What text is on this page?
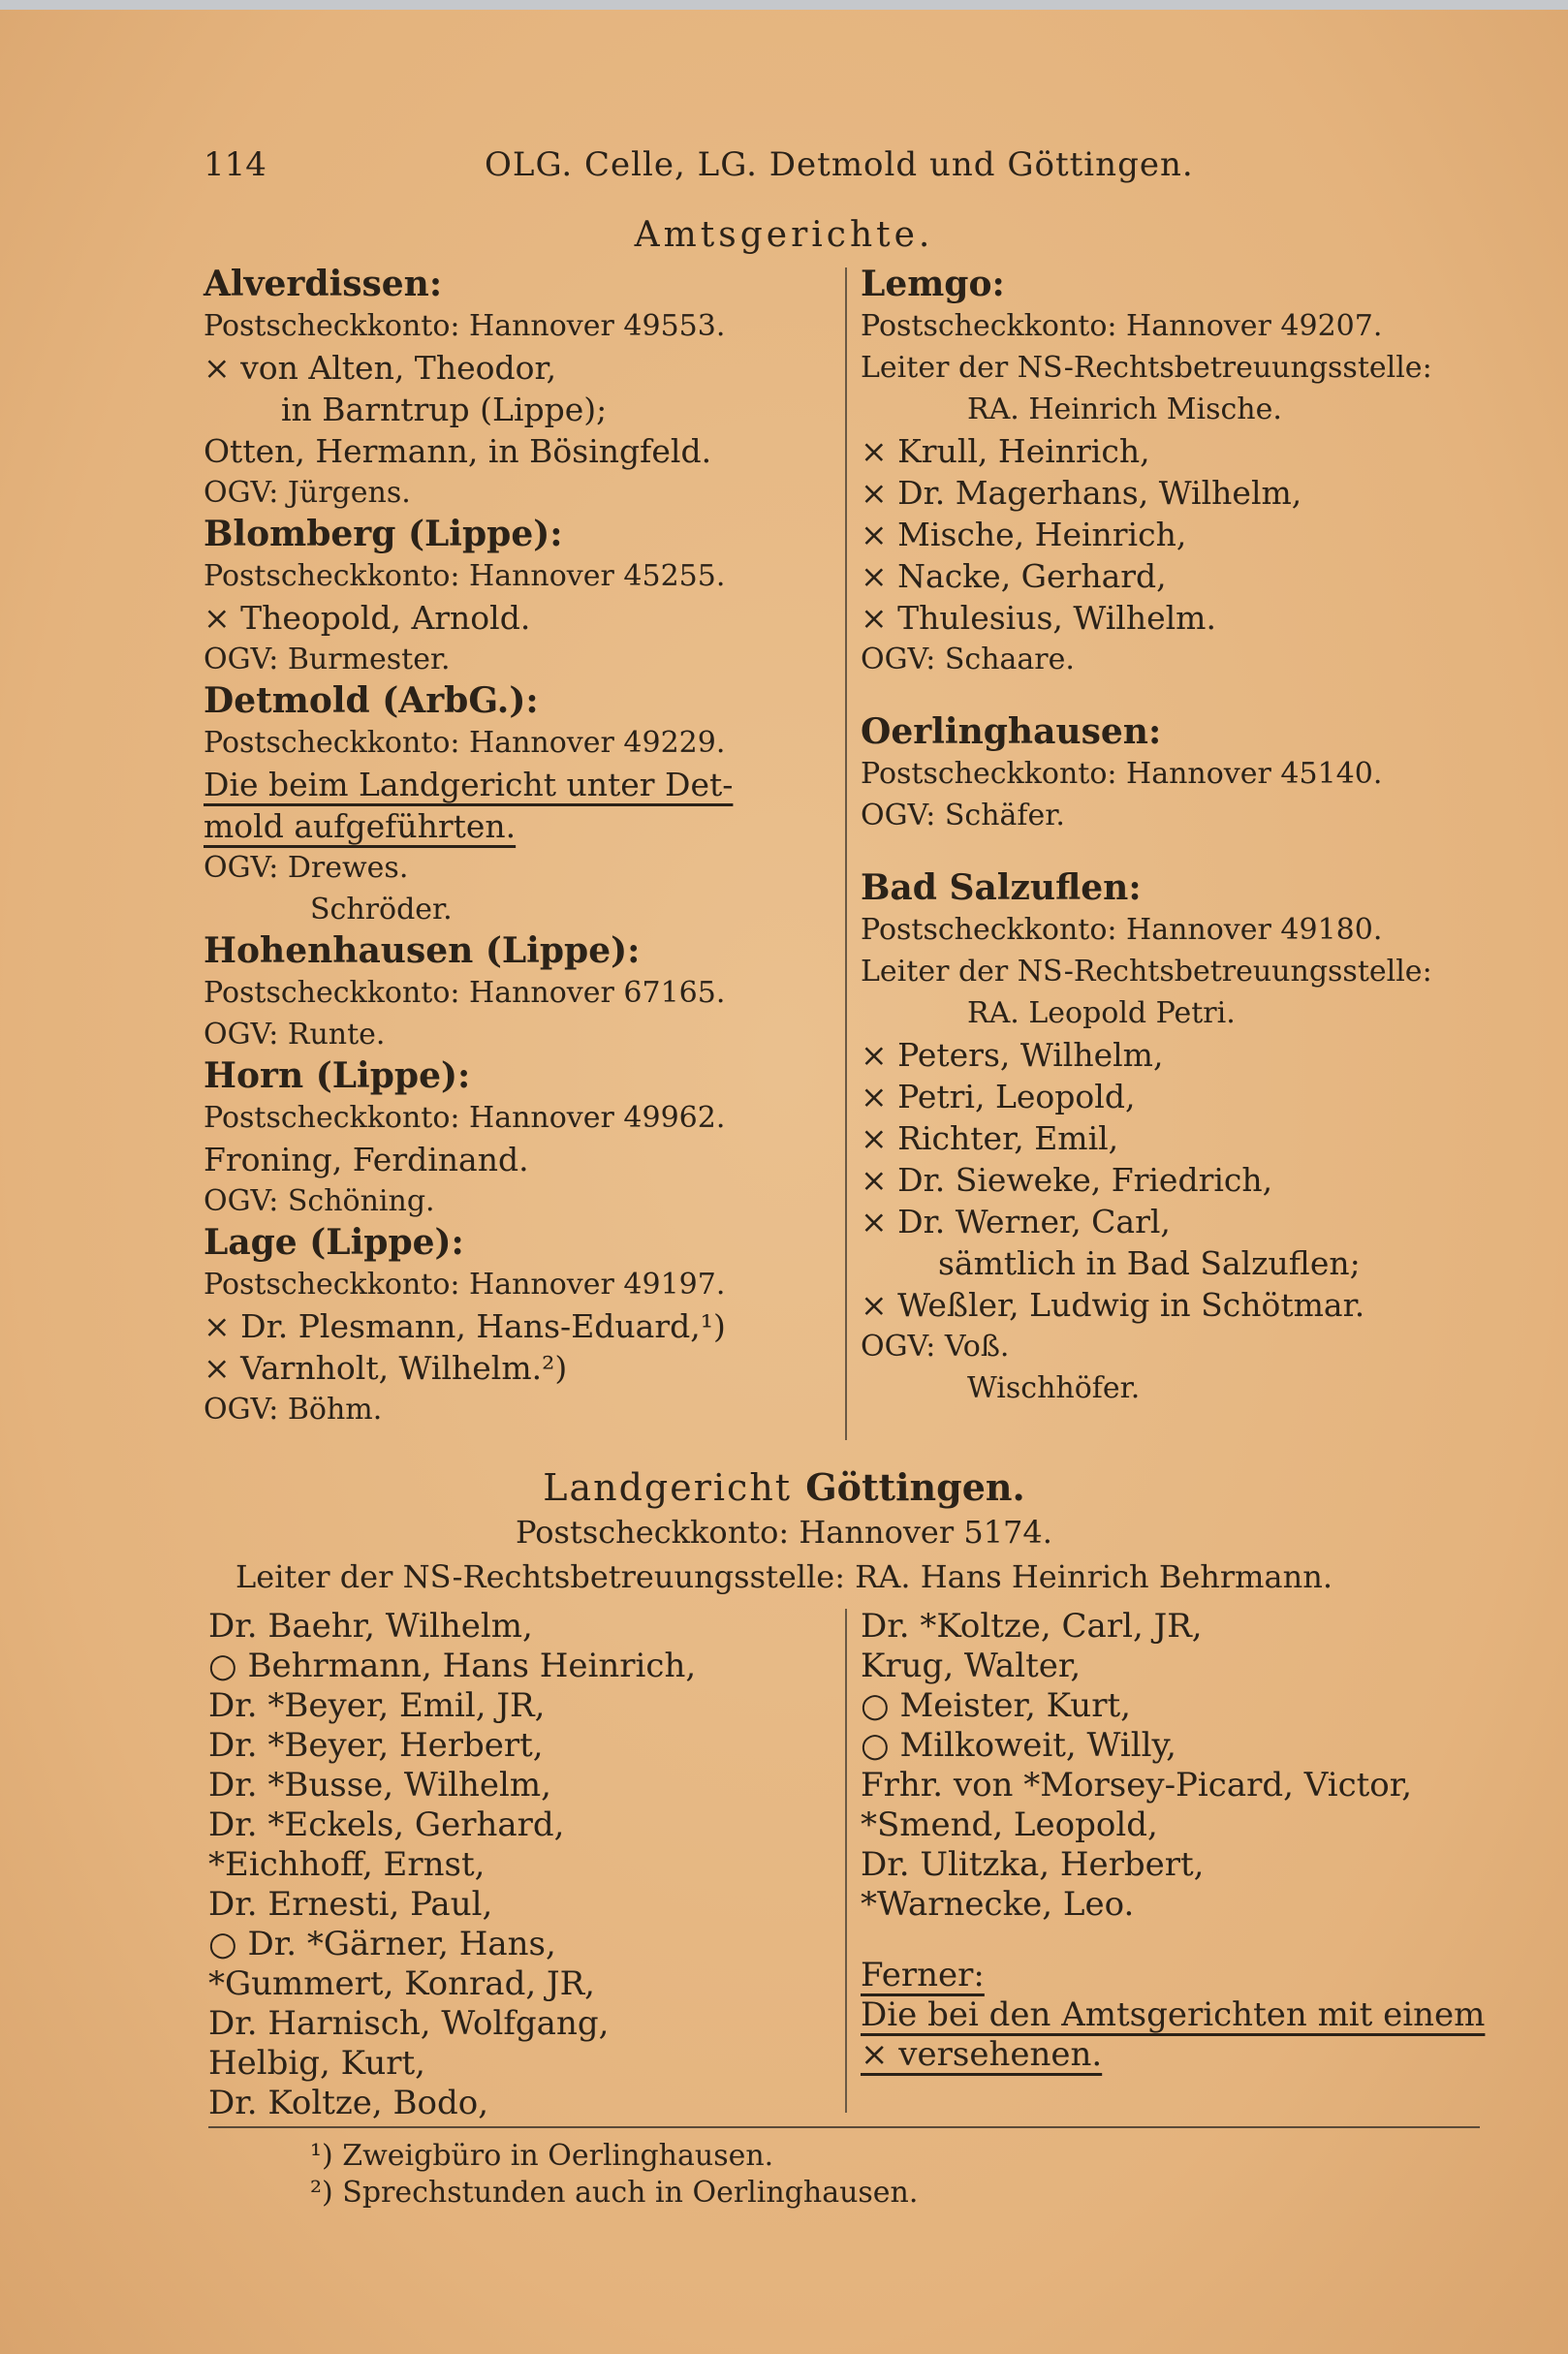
114	OLG. Celle, LG. Detmold und Göttingen.
Amtsgerichte.
Alverdissen:
Postscheckkonto: Hannover 49553.
× von Alten, Theodor,
in Barntrup (Lippe);
Otten, Hermann, in Bösingfeld.
OGV: Jürgens.
Blomberg (Lippe):
Postscheckkonto: Hannover 45255.
× Theopold, Arnold.
OGV: Burmester.
Detmold (ArbG.):
Postscheckkonto: Hannover 49229.
Die beim Landgericht unter Det-
mold aufgeführten.
OGV: Drewes.
Schröder.
Hohenhausen (Lippe):
Postscheckkonto: Hannover 67165.
OGV: Runte.
Horn (Lippe):
Postscheckkonto: Hannover 49962.
Froning, Ferdinand.
OGV: Schöning.
Lage (Lippe):
Postscheckkonto: Hannover 49197.
× Dr. Plesmann, Hans-Eduard,¹)
× Varnholt, Wilhelm.²)
OGV: Böhm.
Lemgo:
Postscheckkonto: Hannover 49207.
Leiter der NS-Rechtsbetreuungsstelle:
RA. Heinrich Mische.
× Krull, Heinrich,
× Dr. Magerhans, Wilhelm,
× Mische, Heinrich,
× Nacke, Gerhard,
× Thulesius, Wilhelm.
OGV: Schaare.
Oerlinghausen:
Postscheckkonto: Hannover 45140.
OGV: Schäfer.
Bad Salzuflen:
Postscheckkonto: Hannover 49180.
Leiter der NS-Rechtsbetreuungsstelle:
RA. Leopold Petri.
× Peters, Wilhelm,
× Petri, Leopold,
× Richter, Emil,
× Dr. Sieweke, Friedrich,
× Dr. Werner, Carl,
sämtlich in Bad Salzuflen;
× Weßler, Ludwig in Schötmar.
OGV: Voß.
Wischhöfer.
Landgericht Göttingen.
Postscheckkonto: Hannover 5174.
Leiter der NS-Rechtsbetreuungsstelle: RA. Hans Heinrich Behrmann.
Dr. Baehr, Wilhelm,
○ Behrmann, Hans Heinrich,
Dr. *Beyer, Emil, JR,
Dr. *Beyer, Herbert,
Dr. *Busse, Wilhelm,
Dr. *Eckels, Gerhard,
*Eichhoff, Ernst,
Dr. Ernesti, Paul,
○ Dr. *Gärner, Hans,
*Gummert, Konrad, JR,
Dr. Harnisch, Wolfgang,
Helbig, Kurt,
Dr. Koltze, Bodo,
Dr. *Koltze, Carl, JR,
Krug, Walter,
○ Meister, Kurt,
○ Milkoweit, Willy,
Frhr. von *Morsey-Picard, Victor,
*Smend, Leopold,
Dr. Ulitzka, Herbert,
*Warnecke, Leo.
Ferner:
Die bei den Amtsgerichten mit einem
× versehenen.
¹) Zweigbüro in Oerlinghausen.
²) Sprechstunden auch in Oerlinghausen.
